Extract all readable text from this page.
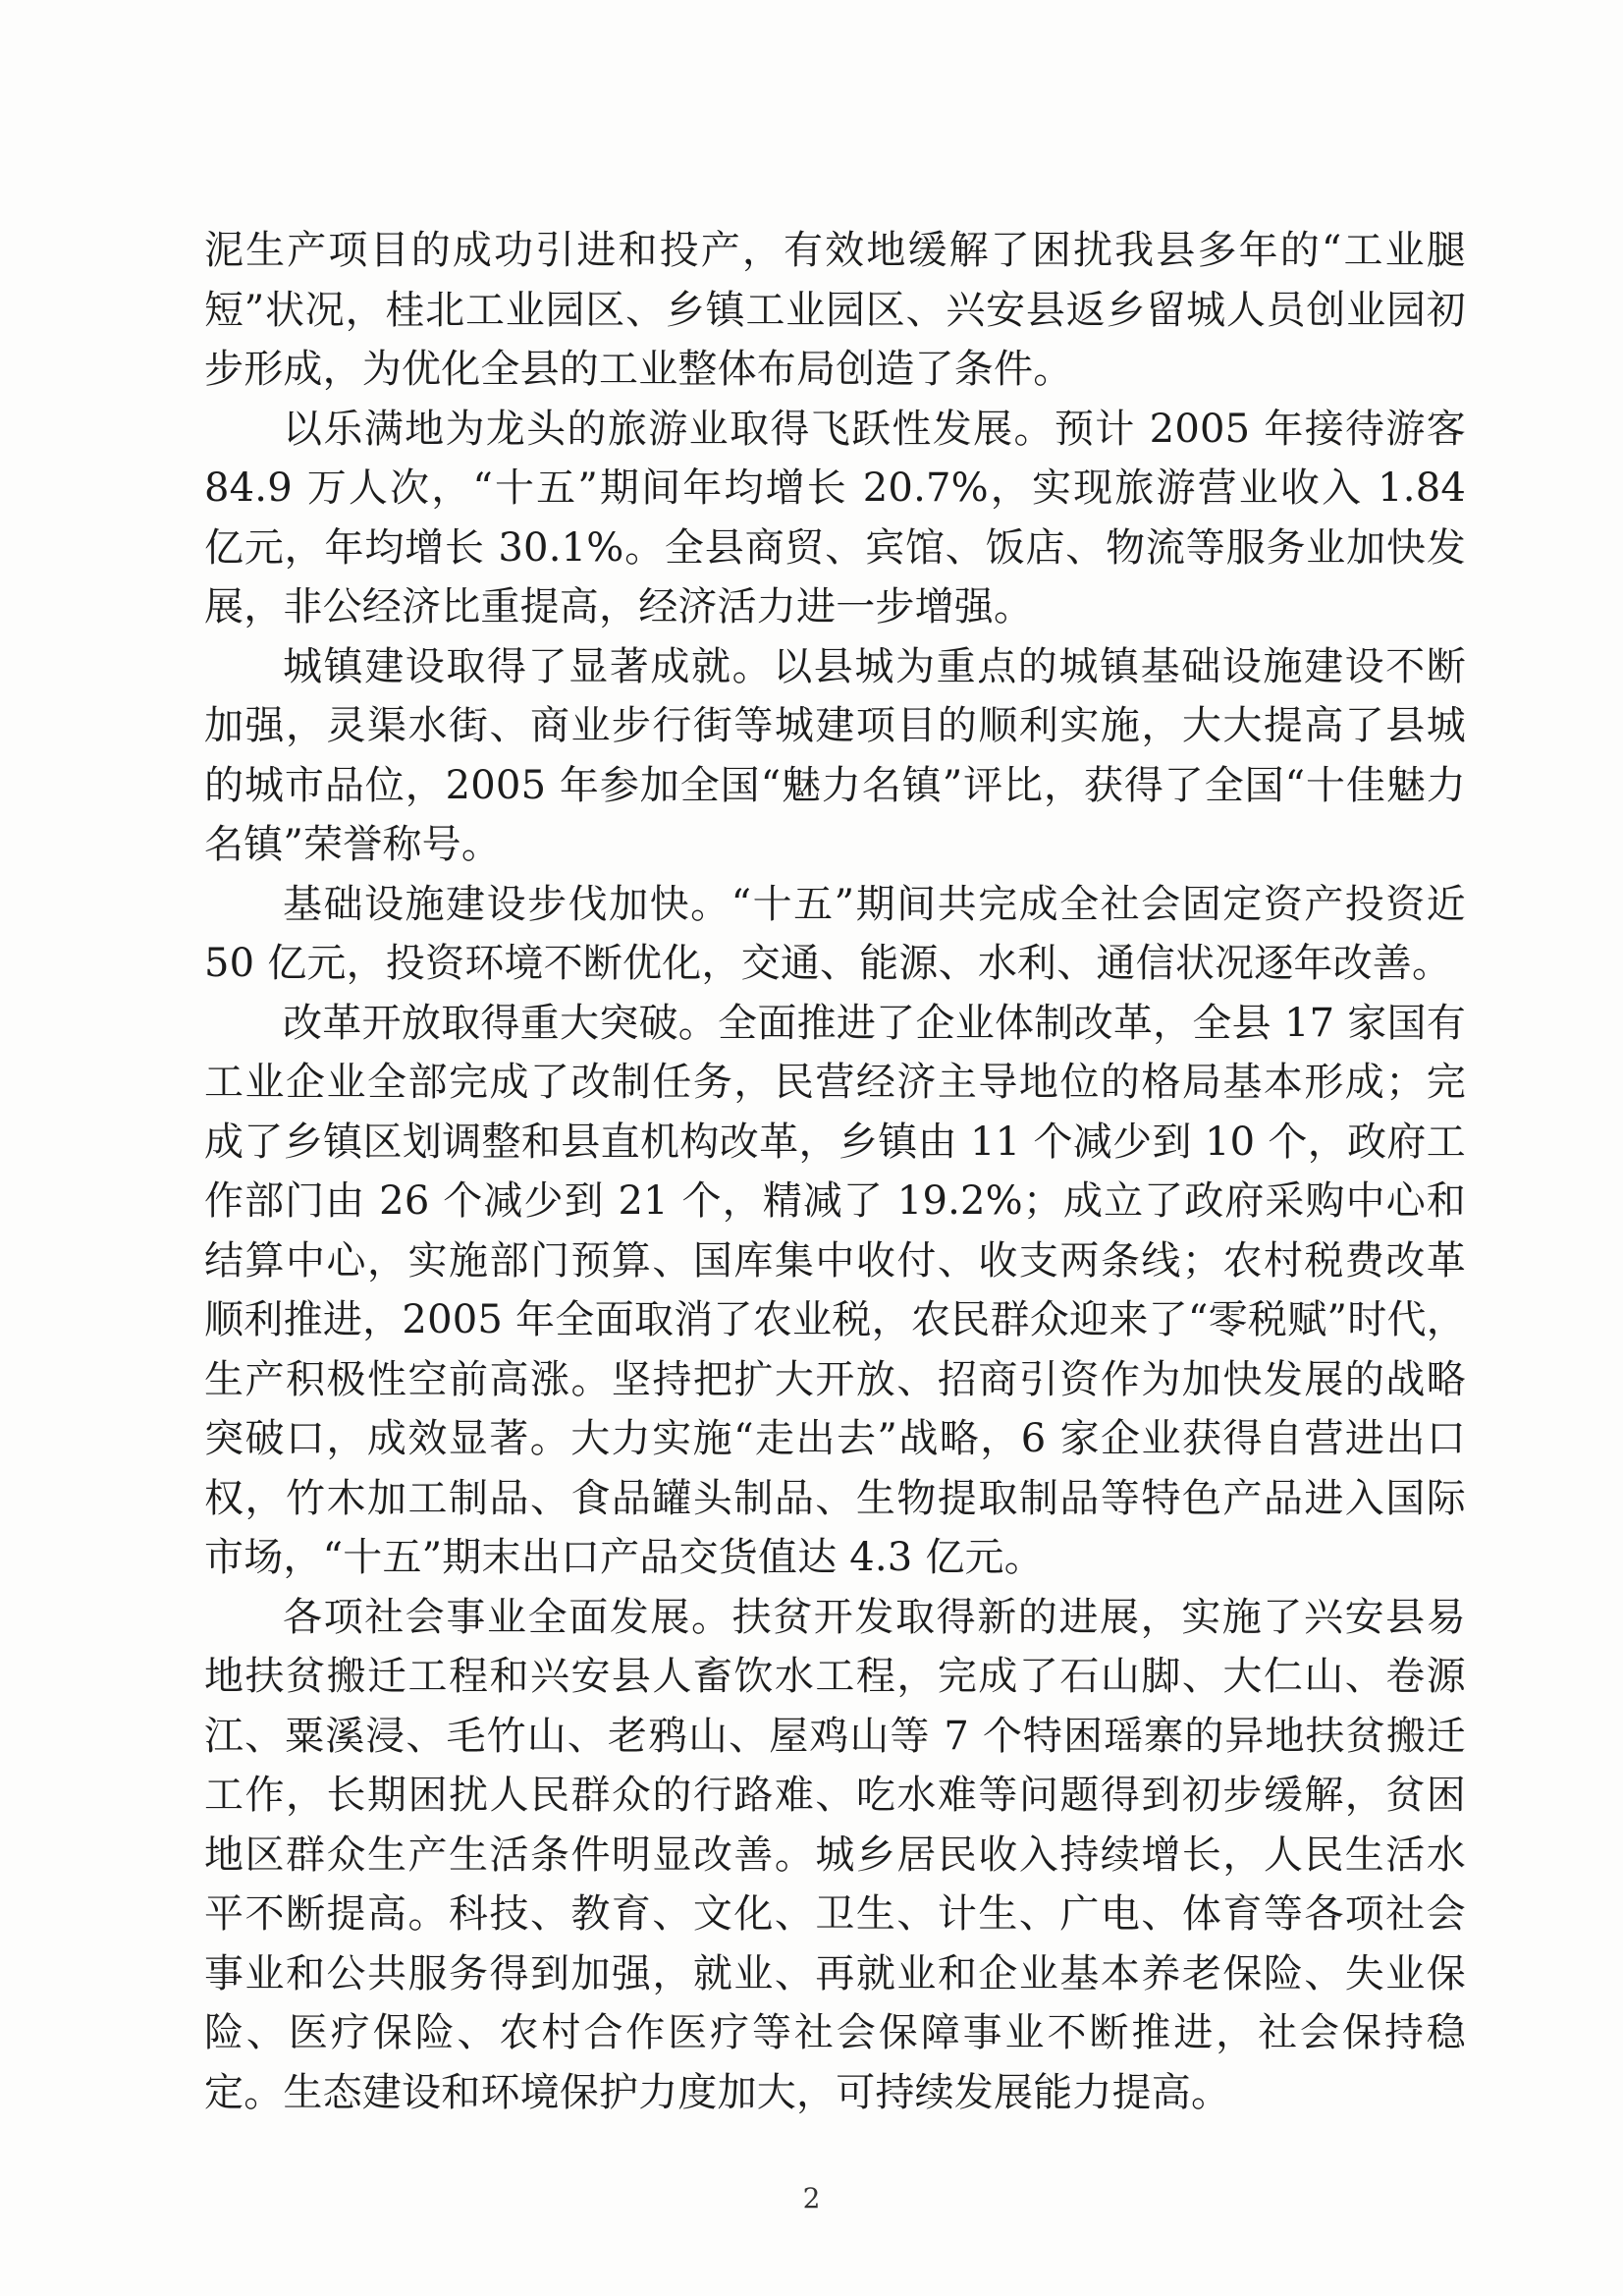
泥生产项目的成功引进和投产，有效地缓解了困扰我县多年的“工业腿短”状况，桂北工业园区、乡镇工业园区、兴安县返乡留城人员创业园初步形成，为优化全县的工业整体布局创造了条件。

以乐满地为龙头的旅游业取得飞跃性发展。预计 2005 年接待游客 84.9 万人次，“十五”期间年均增长 20.7%，实现旅游营业收入 1.84 亿元，年均增长 30.1%。全县商贸、宾馆、饭店、物流等服务业加快发展，非公经济比重提高，经济活力进一步增强。

城镇建设取得了显著成就。以县城为重点的城镇基础设施建设不断加强，灵渠水街、商业步行街等城建项目的顺利实施，大大提高了县城的城市品位，2005 年参加全国“魅力名镇”评比，获得了全国“十佳魅力名镇”荣誉称号。

基础设施建设步伐加快。“十五”期间共完成全社会固定资产投资近 50 亿元，投资环境不断优化，交通、能源、水利、通信状况逐年改善。

改革开放取得重大突破。全面推进了企业体制改革，全县 17 家国有工业企业全部完成了改制任务，民营经济主导地位的格局基本形成；完成了乡镇区划调整和县直机构改革，乡镇由 11 个减少到 10 个，政府工作部门由 26 个减少到 21 个，精减了 19.2%；成立了政府采购中心和结算中心，实施部门预算、国库集中收付、收支两条线；农村税费改革顺利推进，2005 年全面取消了农业税，农民群众迎来了“零税赋”时代，生产积极性空前高涨。坚持把扩大开放、招商引资作为加快发展的战略突破口，成效显著。大力实施“走出去”战略，6 家企业获得自营进出口权，竹木加工制品、食品罐头制品、生物提取制品等特色产品进入国际市场，“十五”期末出口产品交货值达 4.3 亿元。

各项社会事业全面发展。扶贫开发取得新的进展，实施了兴安县易地扶贫搬迁工程和兴安县人畜饮水工程，完成了石山脚、大仁山、卷源江、粟溪浸、毛竹山、老鸦山、屋鸡山等 7 个特困瑶寨的异地扶贫搬迁工作，长期困扰人民群众的行路难、吃水难等问题得到初步缓解，贫困地区群众生产生活条件明显改善。城乡居民收入持续增长，人民生活水平不断提高。科技、教育、文化、卫生、计生、广电、体育等各项社会事业和公共服务得到加强，就业、再就业和企业基本养老保险、失业保险、医疗保险、农村合作医疗等社会保障事业不断推进，社会保持稳定。生态建设和环境保护力度加大，可持续发展能力提高。

2
